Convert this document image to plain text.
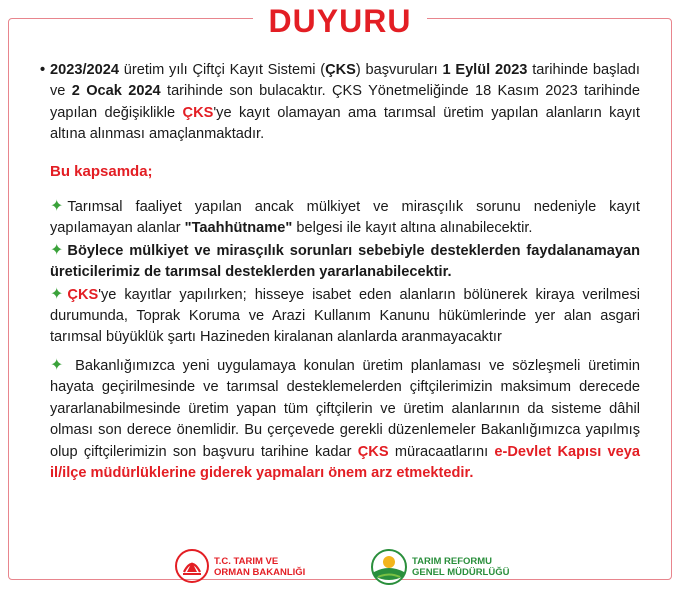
DUYURU

• 2023/2024 üretim yılı Çiftçi Kayıt Sistemi (ÇKS) başvuruları 1 Eylül 2023 tarihinde başladı ve 2 Ocak 2024 tarihinde son bulacaktır. ÇKS Yönetmeliğinde 18 Kasım 2023 tarihinde yapılan değişiklikle ÇKS'ye kayıt olamayan ama tarımsal üretim yapılan alanların kayıt altına alınması amaçlanmaktadır.

Bu kapsamda;

✦ Tarımsal faaliyet yapılan ancak mülkiyet ve mirasçılık sorunu nedeniyle kayıt yapılamayan alanlar "Taahhütname" belgesi ile kayıt altına alınabilecektir.

✦ Böylece mülkiyet ve mirasçılık sorunları sebebiyle desteklerden faydalanamayan üreticilerimiz de tarımsal desteklerden yararlanabilecektir.

✦ ÇKS'ye kayıtlar yapılırken; hisseye isabet eden alanların bölünerek kiraya verilmesi durumunda, Toprak Koruma ve Arazi Kullanım Kanunu hükümlerinde yer alan asgari tarımsal büyüklük şartı Hazineden kiralanan alanlarda aranmayacaktır

✦ Bakanlığımızca yeni uygulamaya konulan üretim planlaması ve sözleşmeli üretimin hayata geçirilmesinde ve tarımsal desteklemelerden çiftçilerimizin maksimum derecede yararlanabilmesinde üretim yapan tüm çiftçilerin ve üretim alanlarının da sisteme dâhil olması son derece önemlidir. Bu çerçevede gerekli düzenlemeler Bakanlığımızca yapılmış olup çiftçilerimizin son başvuru tarihine kadar ÇKS müracaatlarını e-Devlet Kapısı veya il/ilçe müdürlüklerine giderek yapmaları önem arz etmektedir.

T.C. TARIM VE
ORMAN BAKANLIĞI
TARIM REFORMU
GENEL MÜDÜRLÜĞÜ
